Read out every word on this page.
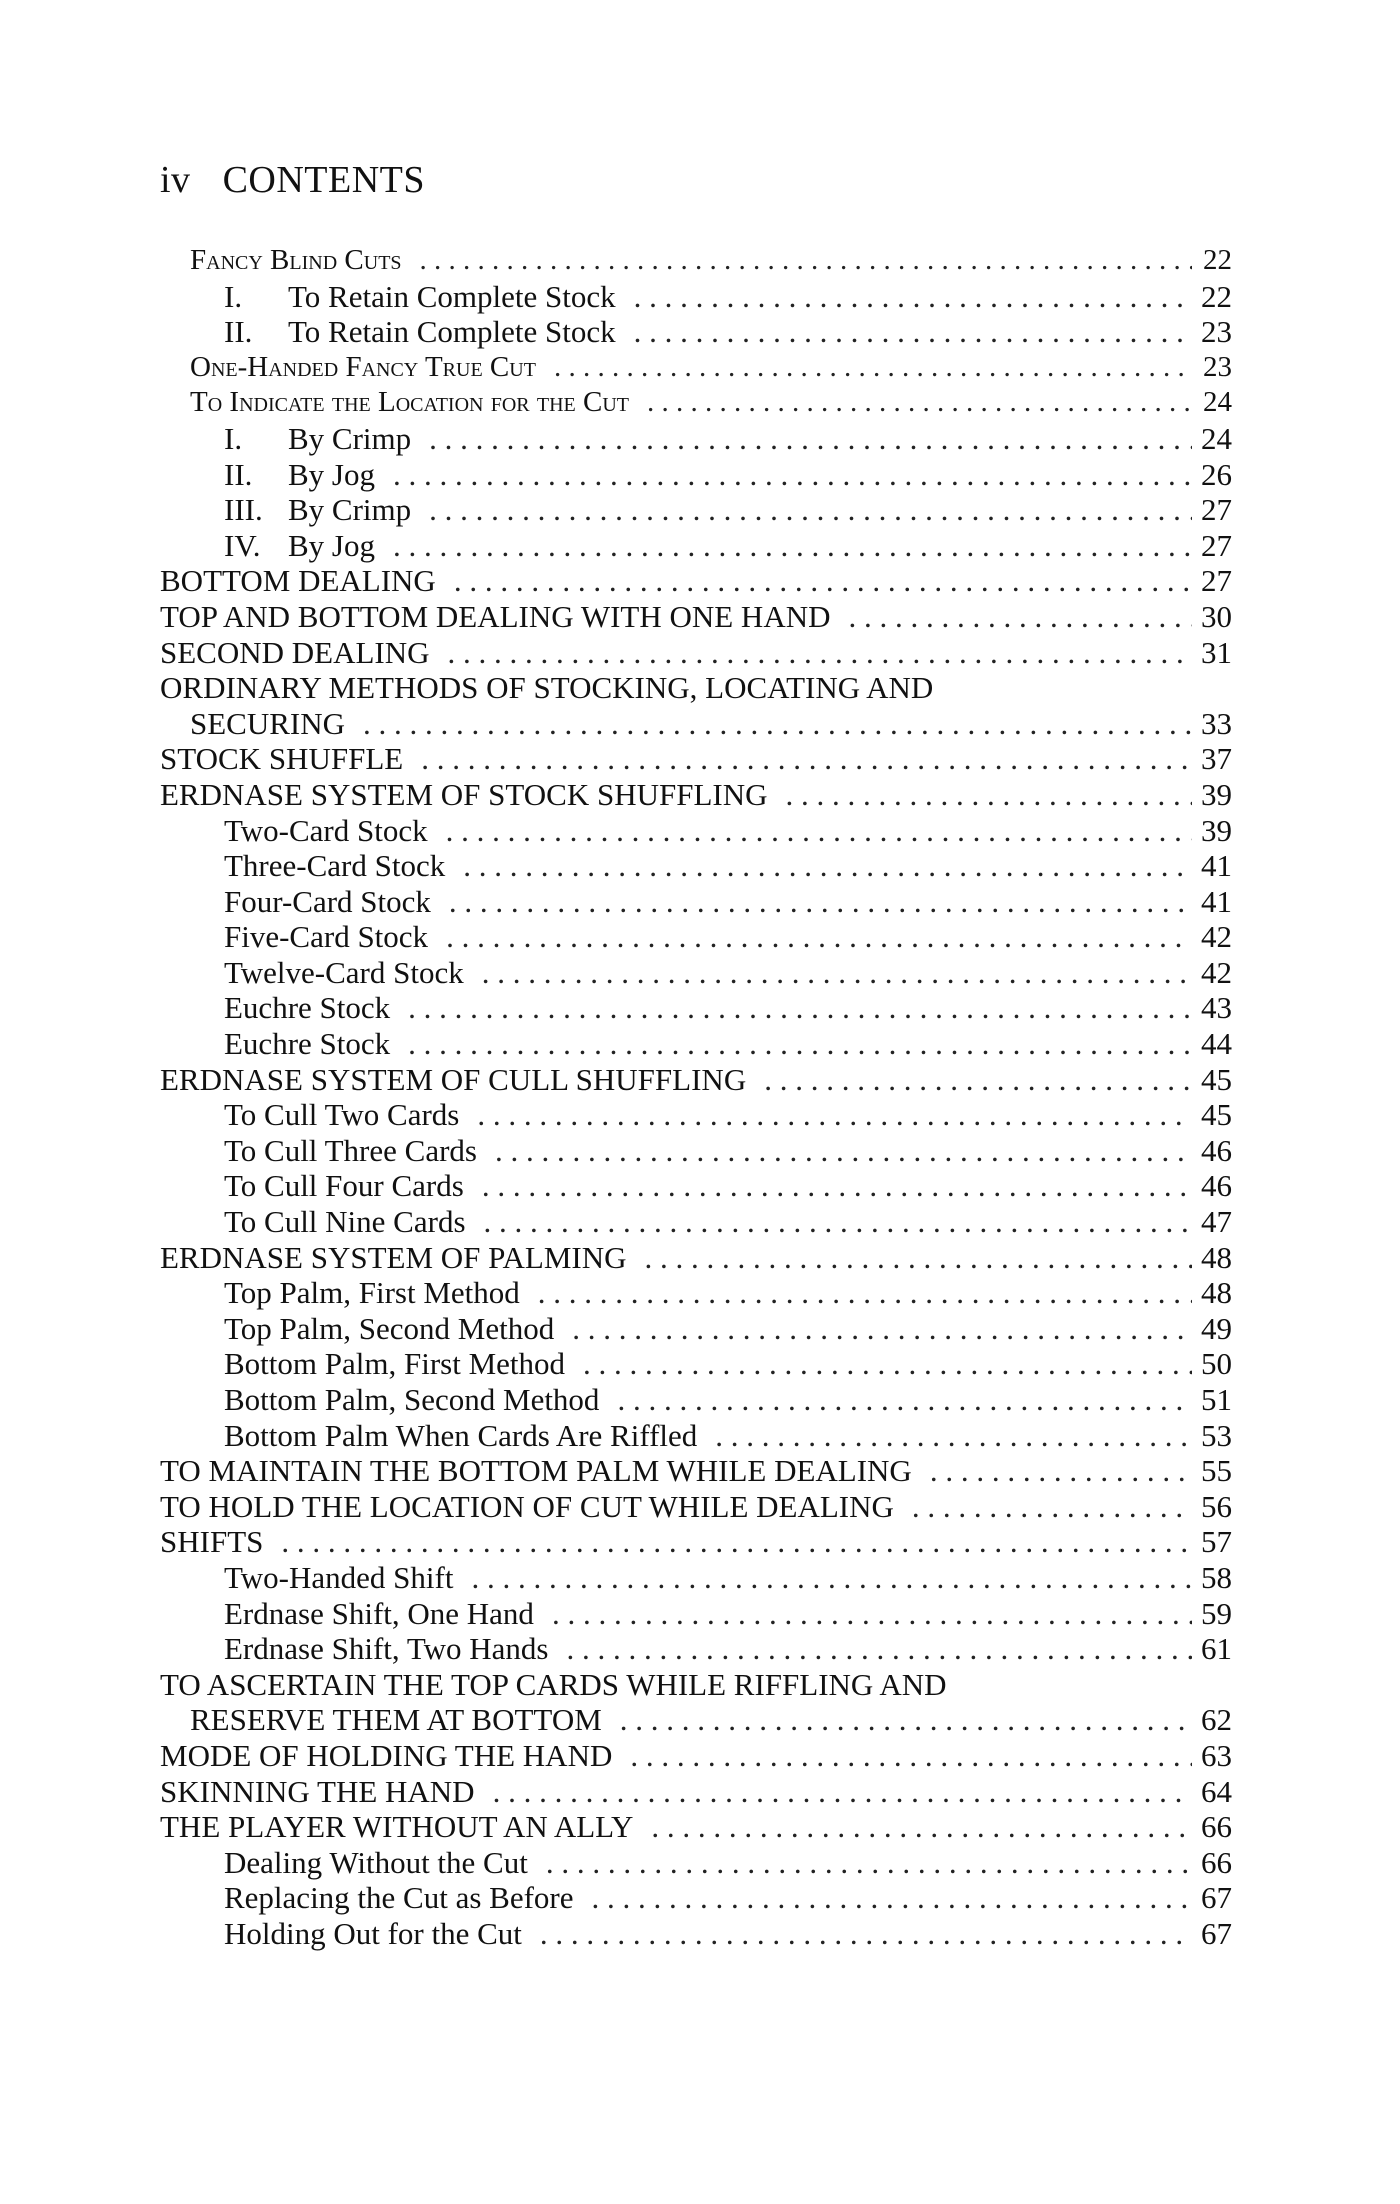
iv CONTENTS
Fancy Blind Cuts . . .	22
I.	To Retain Complete Stock . . .	22
II.	To Retain Complete Stock . . .	23
One-Handed Fancy True Cut . . .	23
To Indicate the Location for the Cut . . .	24
I.	By Crimp . . .	24
II.	By Jog . . .	26
III. By Crimp . . .	27
IV. By Jog . . .	27
BOTTOM DEALING . . .	27
TOP AND BOTTOM DEALING WITH ONE HAND . . .	30
SECOND DEALING . . .	31
ORDINARY METHODS OF STOCKING, LOCATING AND
SECURING . . .	33
STOCK SHUFFLE . . .	37
ERDNASE SYSTEM OF STOCK SHUFFLING . . .	39
Two-Card Stock . . .	39
Three-Card Stock . . .	41
Four-Card Stock . . .	41
Five-Card Stock . . .	42
Twelve-Card Stock . . .	42
Euchre Stock . . .	43
Euchre Stock . . .	44
ERDNASE SYSTEM OF CULL SHUFFLING . . .	45
To Cull Two Cards . . .	45
To Cull Three Cards . . .	46
To Cull Four Cards . . .	46
To Cull Nine Cards . . .	47
ERDNASE SYSTEM OF PALMING . . .	48
Top Palm, First Method . . .	48
Top Palm, Second Method . . .	49
Bottom Palm, First Method . . .	50
Bottom Palm, Second Method . . .	51
Bottom Palm When Cards Are Riffled . . .	53
TO MAINTAIN THE BOTTOM PALM WHILE DEALING . . .	55
TO HOLD THE LOCATION OF CUT WHILE DEALING . . .	56
SHIFTS . . .	57
Two-Handed Shift . . .	58
Erdnase Shift, One Hand . . .	59
Erdnase Shift, Two Hands . . .	61
TO ASCERTAIN THE TOP CARDS WHILE RIFFLING AND
RESERVE THEM AT BOTTOM . . .	62
MODE OF HOLDING THE HAND . . .	63
SKINNING THE HAND . . .	64
THE PLAYER WITHOUT AN ALLY . . .	66
Dealing Without the Cut . . .	66
Replacing the Cut as Before . . .	67
Holding Out for the Cut . . .	67
